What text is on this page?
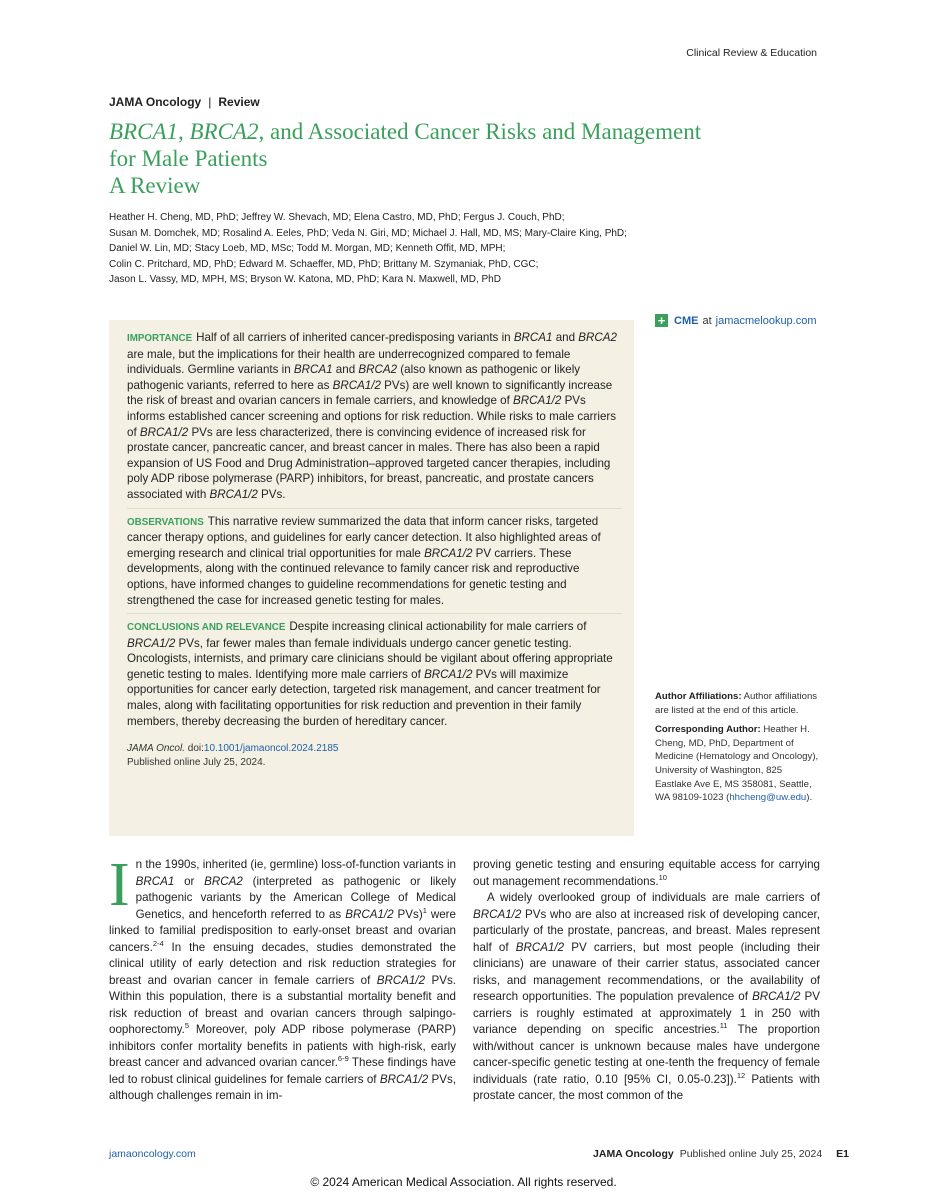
Clinical Review & Education
JAMA Oncology | Review
BRCA1, BRCA2, and Associated Cancer Risks and Management
for Male Patients
A Review
Heather H. Cheng, MD, PhD; Jeffrey W. Shevach, MD; Elena Castro, MD, PhD; Fergus J. Couch, PhD;
Susan M. Domchek, MD; Rosalind A. Eeles, PhD; Veda N. Giri, MD; Michael J. Hall, MD, MS; Mary-Claire King, PhD;
Daniel W. Lin, MD; Stacy Loeb, MD, MSc; Todd M. Morgan, MD; Kenneth Offit, MD, MPH;
Colin C. Pritchard, MD, PhD; Edward M. Schaeffer, MD, PhD; Brittany M. Szymaniak, PhD, CGC;
Jason L. Vassy, MD, MPH, MS; Bryson W. Katona, MD, PhD; Kara N. Maxwell, MD, PhD
+ CME at jamacmelookup.com
IMPORTANCE Half of all carriers of inherited cancer-predisposing variants in BRCA1 and BRCA2 are male, but the implications for their health are underrecognized compared to female individuals. Germline variants in BRCA1 and BRCA2 (also known as pathogenic or likely pathogenic variants, referred to here as BRCA1/2 PVs) are well known to significantly increase the risk of breast and ovarian cancers in female carriers, and knowledge of BRCA1/2 PVs informs established cancer screening and options for risk reduction. While risks to male carriers of BRCA1/2 PVs are less characterized, there is convincing evidence of increased risk for prostate cancer, pancreatic cancer, and breast cancer in males. There has also been a rapid expansion of US Food and Drug Administration–approved targeted cancer therapies, including poly ADP ribose polymerase (PARP) inhibitors, for breast, pancreatic, and prostate cancers associated with BRCA1/2 PVs.
OBSERVATIONS This narrative review summarized the data that inform cancer risks, targeted cancer therapy options, and guidelines for early cancer detection. It also highlighted areas of emerging research and clinical trial opportunities for male BRCA1/2 PV carriers. These developments, along with the continued relevance to family cancer risk and reproductive options, have informed changes to guideline recommendations for genetic testing and strengthened the case for increased genetic testing for males.
CONCLUSIONS AND RELEVANCE Despite increasing clinical actionability for male carriers of BRCA1/2 PVs, far fewer males than female individuals undergo cancer genetic testing. Oncologists, internists, and primary care clinicians should be vigilant about offering appropriate genetic testing to males. Identifying more male carriers of BRCA1/2 PVs will maximize opportunities for cancer early detection, targeted risk management, and cancer treatment for males, along with facilitating opportunities for risk reduction and prevention in their family members, thereby decreasing the burden of hereditary cancer.
JAMA Oncol. doi:10.1001/jamaoncol.2024.2185
Published online July 25, 2024.

Author Affiliations: Author affiliations are listed at the end of this article.

Corresponding Author: Heather H. Cheng, MD, PhD, Department of Medicine (Hematology and Oncology), University of Washington, 825 Eastlake Ave E, MS 358081, Seattle, WA 98109-1023 (hhcheng@uw.edu).

In the 1990s, inherited (ie, germline) loss-of-function variants in BRCA1 or BRCA2 (interpreted as pathogenic or likely pathogenic variants by the American College of Medical Genetics, and henceforth referred to as BRCA1/2 PVs)$^1$ were linked to familial predisposition to early-onset breast and ovarian cancers.$^{2-4}$ In the ensuing decades, studies demonstrated the clinical utility of early detection and risk reduction strategies for breast and ovarian cancer in female carriers of BRCA1/2 PVs. Within this population, there is a substantial mortality benefit and risk reduction of breast and ovarian cancers through salpingo-oophorectomy.$^5$ Moreover, poly ADP ribose polymerase (PARP) inhibitors confer mortality benefits in patients with high-risk, early breast cancer and advanced ovarian cancer.$^{6-9}$ These findings have led to robust clinical guidelines for female carriers of BRCA1/2 PVs, although challenges remain in im-

proving genetic testing and ensuring equitable access for carrying out management recommendations.$^{10}$

A widely overlooked group of individuals are male carriers of BRCA1/2 PVs who are also at increased risk of developing cancer, particularly of the prostate, pancreas, and breast. Males represent half of BRCA1/2 PV carriers, but most people (including their clinicians) are unaware of their carrier status, associated cancer risks, and management recommendations, or the availability of research opportunities. The population prevalence of BRCA1/2 PV carriers is roughly estimated at approximately 1 in 250 with variance depending on specific ancestries.$^{11}$ The proportion with/without cancer is unknown because males have undergone cancer-specific genetic testing at one-tenth the frequency of female individuals (rate ratio, 0.10 [95% CI, 0.05-0.23]).$^{12}$ Patients with prostate cancer, the most common of the

jamaoncology.com	JAMA Oncology Published online July 25, 2024 E1
© 2024 American Medical Association. All rights reserved.
